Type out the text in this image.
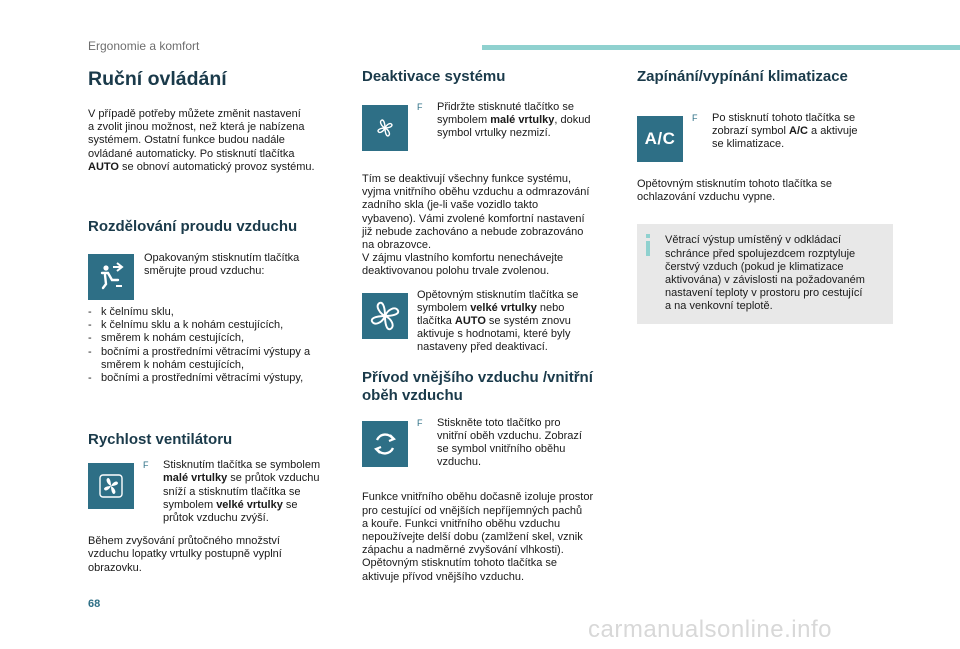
Ergonomie a komfort
Ruční ovládání

V případě potřeby můžete změnit nastavení

a zvolit jinou možnost, než která je nabízena

systémem. Ostatní funkce budou nadále

ovládané automaticky. Po stisknutí tlačítka

AUTO se obnoví automatický provoz systému.

Rozdělování proudu vzduchu

Opakovaným stisknutím tlačítka

směrujte proud vzduchu:

- k čelnímu sklu,
- k čelnímu sklu a k nohám cestujících,
- směrem k nohám cestujících,
- bočními a prostředními větracími výstupy a
směrem k nohám cestujících,
- bočními a prostředními větracími výstupy,
Rychlost ventilátoru
F	Stisknutím tlačítka se symbolem

malé vrtulky se průtok vzduchu

sníží a stisknutím tlačítka se

symbolem velké vrtulky se

průtok vzduchu zvýší.

Během zvyšování průtočného množství

vzduchu lopatky vrtulky postupně vyplní

obrazovku.

Deaktivace systému
F	Přidržte stisknuté tlačítko se

symbolem malé vrtulky, dokud

symbol vrtulky nezmizí.

Tím se deaktivují všechny funkce systému,

vyjma vnitřního oběhu vzduchu a odmrazování

zadního skla (je-li vaše vozidlo takto

vybaveno). Vámi zvolené komfortní nastavení

již nebude zachováno a nebude zobrazováno

na obrazovce.

V zájmu vlastního komfortu nenechávejte

deaktivovanou polohu trvale zvolenou.

Opětovným stisknutím tlačítka se

symbolem velké vrtulky nebo

tlačítka AUTO se systém znovu

aktivuje s hodnotami, které byly

nastaveny před deaktivací.

Přívod vnějšího vzduchu /vnitřní
oběh vzduchu
F	Stiskněte toto tlačítko pro

vnitřní oběh vzduchu. Zobrazí

se symbol vnitřního oběhu

vzduchu.

Funkce vnitřního oběhu dočasně izoluje prostor

pro cestující od vnějších nepříjemných pachů

a kouře. Funkci vnitřního oběhu vzduchu

nepoužívejte delší dobu (zamlžení skel, vznik

zápachu a nadměrné zvyšování vlhkosti).

Opětovným stisknutím tohoto tlačítka se

aktivuje přívod vnějšího vzduchu.

Zapínání/vypínání klimatizace
A/C
F	Po stisknutí tohoto tlačítka se

zobrazí symbol A/C a aktivuje

se klimatizace.

Opětovným stisknutím tohoto tlačítka se

ochlazování vzduchu vypne.

Větrací výstup umístěný v odkládací

schránce před spolujezdcem rozptyluje

čerstvý vzduch (pokud je klimatizace

aktivována) v závislosti na požadovaném

nastavení teploty v prostoru pro cestující

a na venkovní teplotě.

68
carmanualsonline.info
